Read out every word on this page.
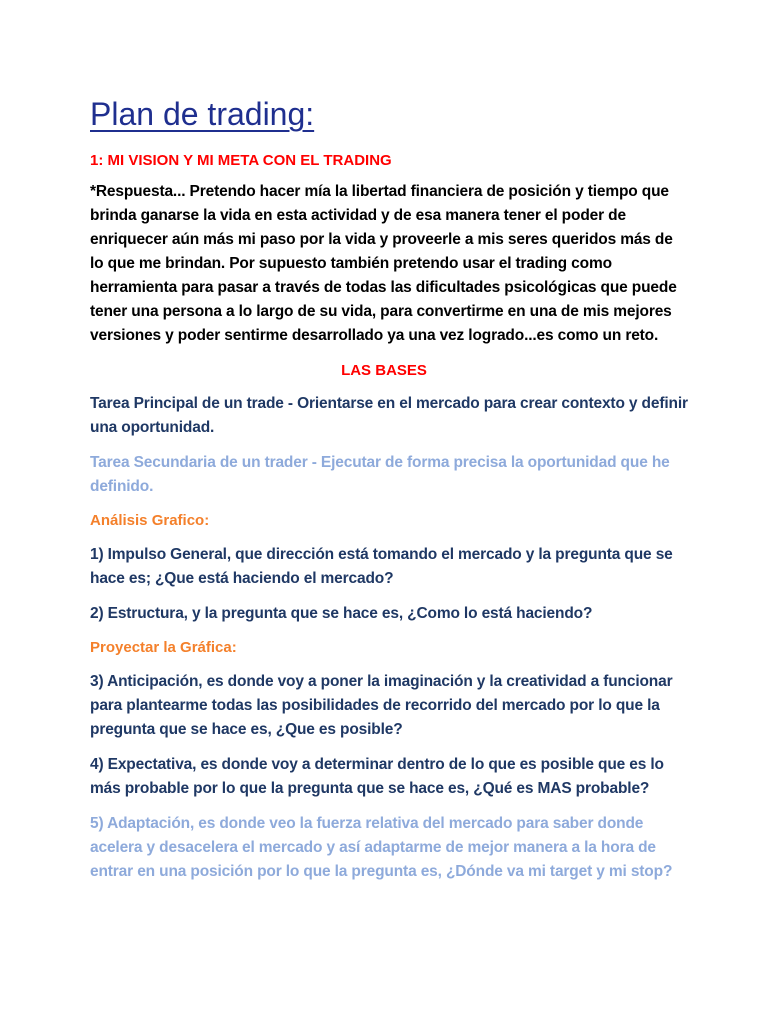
Plan de trading:

1: MI VISION Y MI META CON EL TRADING

*Respuesta... Pretendo hacer mía la libertad financiera de posición y tiempo que brinda ganarse la vida en esta actividad y de esa manera tener el poder de enriquecer aún más mi paso por la vida y proveerle a mis seres queridos más de lo que me brindan. Por supuesto también pretendo usar el trading como herramienta para pasar a través de todas las dificultades psicológicas que puede tener una persona a lo largo de su vida, para convertirme en una de mis mejores versiones y poder sentirme desarrollado ya una vez logrado...es como un reto.

LAS BASES

Tarea Principal de un trade - Orientarse en el mercado para crear contexto y definir una oportunidad.

Tarea Secundaria de un trader - Ejecutar de forma precisa la oportunidad que he definido.

Análisis Grafico:

1) Impulso General, que dirección está tomando el mercado y la pregunta que se hace es; ¿Que está haciendo el mercado?

2) Estructura, y la pregunta que se hace es, ¿Como lo está haciendo?

Proyectar la Gráfica:

3) Anticipación, es donde voy a poner la imaginación y la creatividad a funcionar para plantearme todas las posibilidades de recorrido del mercado por lo que la pregunta que se hace es, ¿Que es posible?

4) Expectativa, es donde voy a determinar dentro de lo que es posible que es lo más probable por lo que la pregunta que se hace es, ¿Qué es MAS probable?

5) Adaptación, es donde veo la fuerza relativa del mercado para saber donde acelera y desacelera el mercado y así adaptarme de mejor manera a la hora de entrar en una posición por lo que la pregunta es, ¿Dónde va mi target y mi stop?
